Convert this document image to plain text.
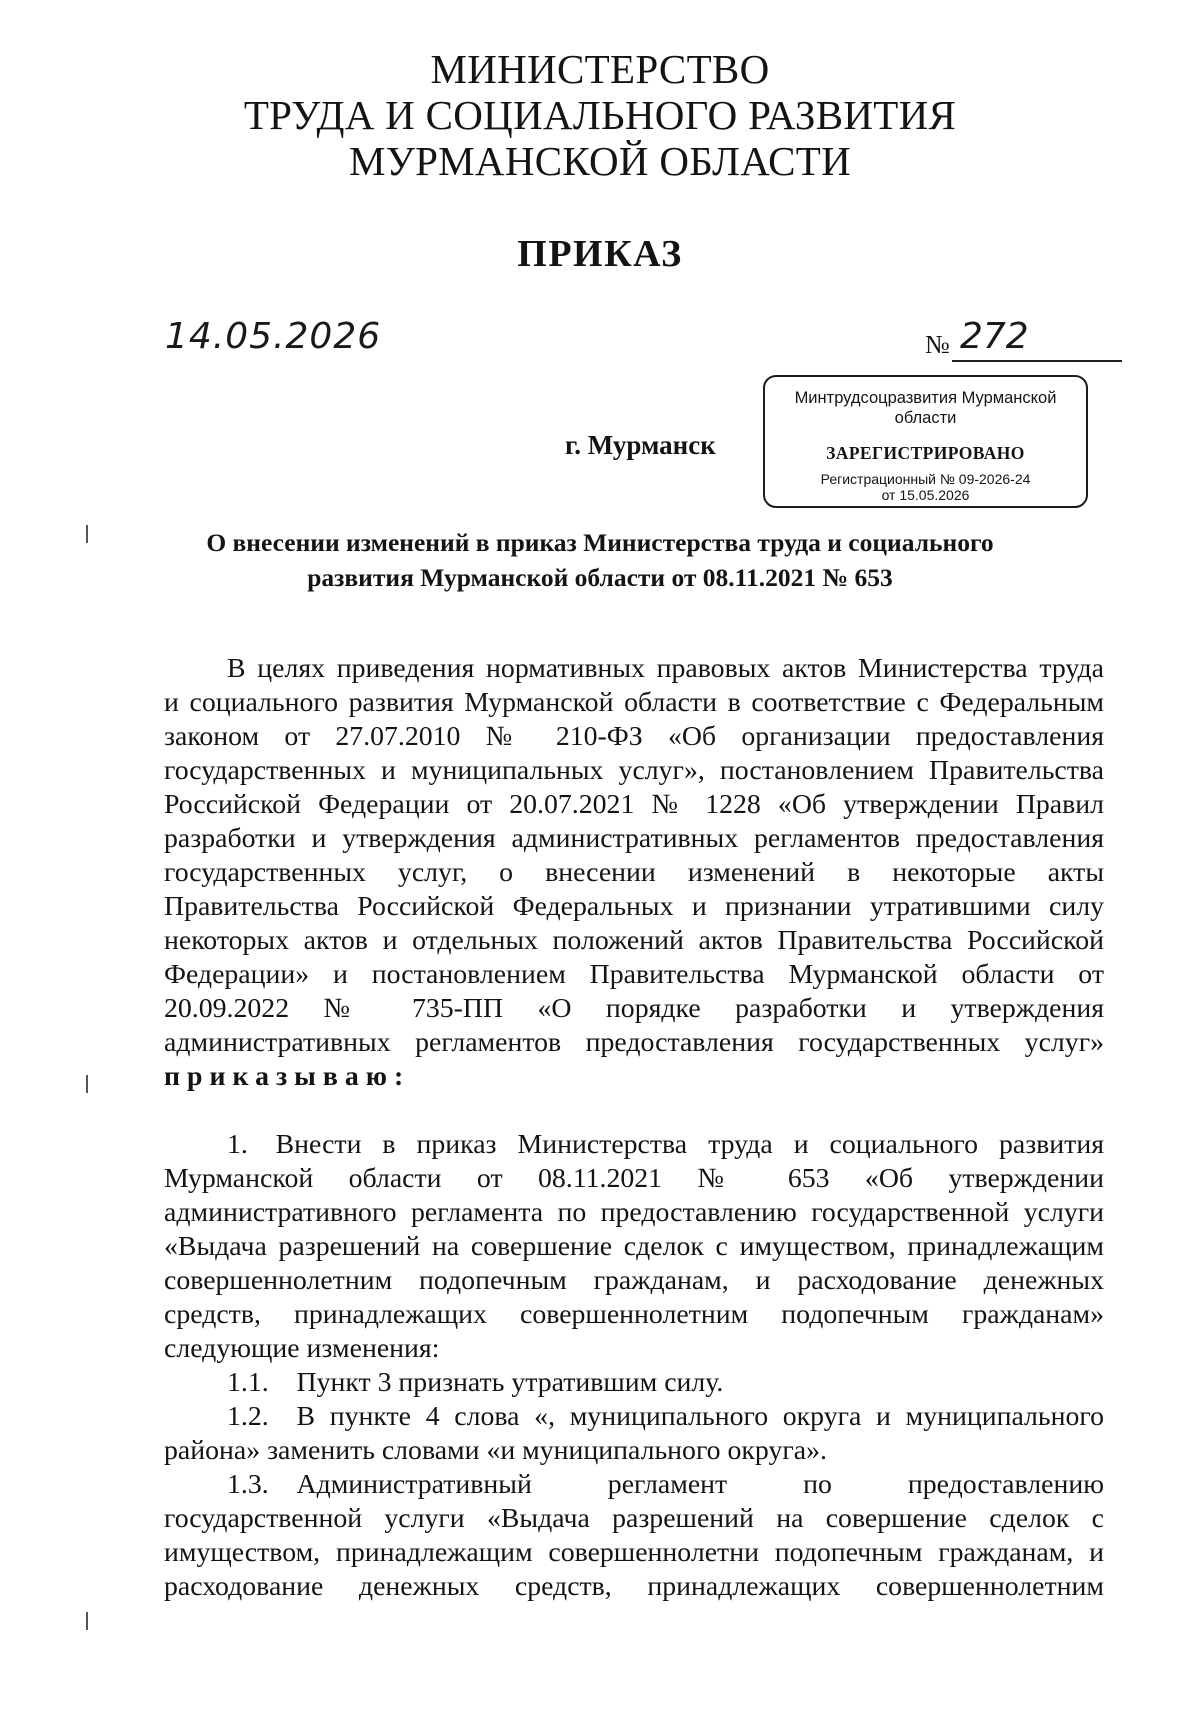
МИНИСТЕРСТВО
ТРУДА И СОЦИАЛЬНОГО РАЗВИТИЯ
МУРМАНСКОЙ ОБЛАСТИ
ПРИКАЗ
14.05.2026	№ 272
г. Мурманск
Минтрудсоцразвития Мурманской области
ЗАРЕГИСТРИРОВАНО
Регистрационный № 09-2026-24
от 15.05.2026
О внесении изменений в приказ Министерства труда и социального
развития Мурманской области от 08.11.2021 № 653
В целях приведения нормативных правовых актов Министерства труда
и социального развития Мурманской области в соответствие с Федеральным
законом от 27.07.2010 № 210-ФЗ «Об организации предоставления
государственных и муниципальных услуг», постановлением Правительства
Российской Федерации от 20.07.2021 № 1228 «Об утверждении Правил
разработки и утверждения административных регламентов предоставления
государственных услуг, о внесении изменений в некоторые акты
Правительства Российской Федеральных и признании утратившими силу
некоторых актов и отдельных положений актов Правительства Российской
Федерации» и постановлением Правительства Мурманской области от
20.09.2022 № 735-ПП «О порядке разработки и утверждения
административных регламентов предоставления государственных услуг»
приказываю:
1. Внести в приказ Министерства труда и социального развития
Мурманской области от 08.11.2021 № 653 «Об утверждении
административного регламента по предоставлению государственной услуги
«Выдача разрешений на совершение сделок с имуществом, принадлежащим
совершеннолетним подопечным гражданам, и расходование денежных
средств, принадлежащих совершеннолетним подопечным гражданам»
следующие изменения:
1.1. Пункт 3 признать утратившим силу.
1.2. В пункте 4 слова «, муниципального округа и муниципального
района» заменить словами «и муниципального округа».
1.3. Административный регламент по предоставлению
государственной услуги «Выдача разрешений на совершение сделок с
имуществом, принадлежащим совершеннолетни подопечным гражданам, и
расходование денежных средств, принадлежащих совершеннолетним
